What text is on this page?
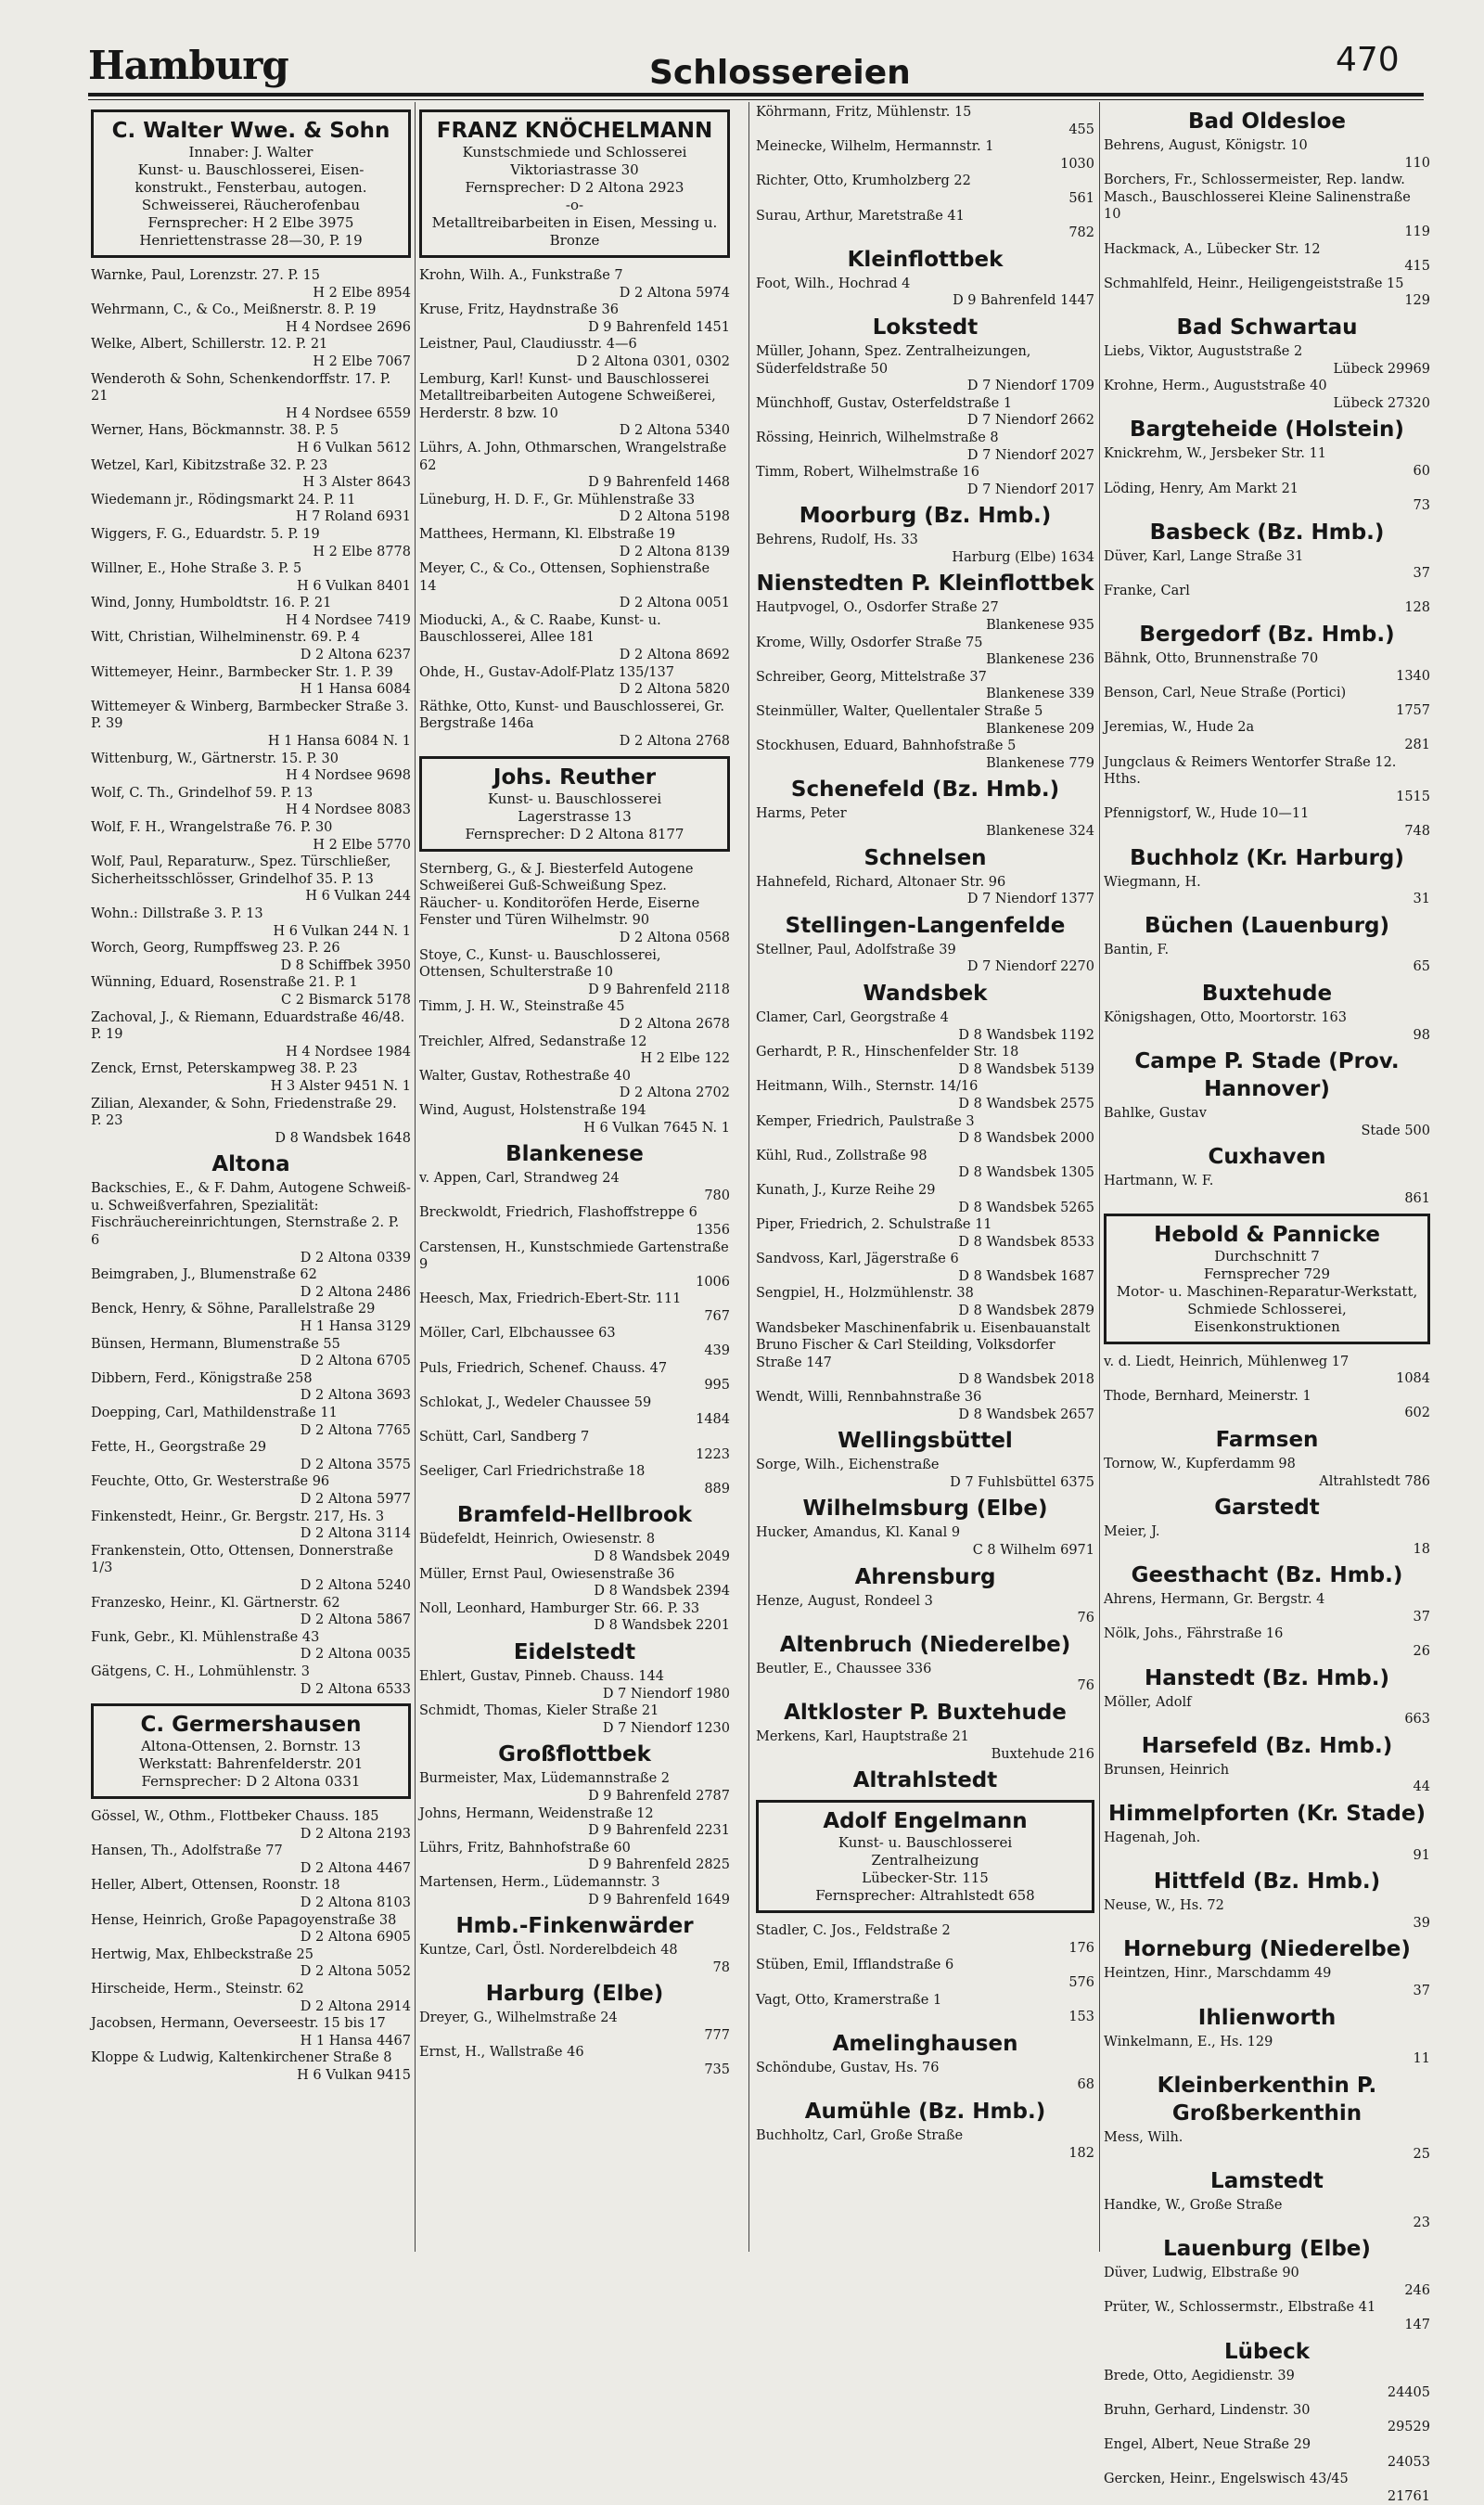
Hamburg	Schlossereien	470
C. Walter Wwe. & Sohn
Innaber: J. Walter
Kunst- u. Bauschlosserei, Eisen-
konstrukt., Fensterbau, autogen.
Schweisserei, Räucherofenbau
Fernsprecher: H 2 Elbe 3975
Henriettenstrasse 28—30, P. 19
Warnke, Paul, Lorenzstr. 27. P. 15
H 2 Elbe 8954
Wehrmann, C., & Co., Meißnerstr. 8. P. 19
H 4 Nordsee 2696
Welke, Albert, Schillerstr. 12. P. 21
H 2 Elbe 7067
Wenderoth & Sohn, Schenkendorffstr. 17. P. 21
H 4 Nordsee 6559
Werner, Hans, Böckmannstr. 38. P. 5
H 6 Vulkan 5612
Wetzel, Karl, Kibitzstraße 32. P. 23
H 3 Alster 8643
Wiedemann jr., Rödingsmarkt 24. P. 11
H 7 Roland 6931
Wiggers, F. G., Eduardstr. 5. P. 19
H 2 Elbe 8778
Willner, E., Hohe Straße 3. P. 5
H 6 Vulkan 8401
Wind, Jonny, Humboldtstr. 16. P. 21
H 4 Nordsee 7419
Witt, Christian, Wilhelminenstr. 69. P. 4
D 2 Altona 6237
Wittemeyer, Heinr., Barmbecker Str. 1. P. 39
H 1 Hansa 6084
Wittemeyer & Winberg, Barmbecker Straße 3. P. 39
H 1 Hansa 6084 N. 1
Wittenburg, W., Gärtnerstr. 15. P. 30
H 4 Nordsee 9698
Wolf, C. Th., Grindelhof 59. P. 13
H 4 Nordsee 8083
Wolf, F. H., Wrangelstraße 76. P. 30
H 2 Elbe 5770
Wolf, Paul, Reparaturw., Spez. Türschließer, Sicherheitsschlösser, Grindelhof 35. P. 13
H 6 Vulkan 244
Wohn.: Dillstraße 3. P. 13
H 6 Vulkan 244 N. 1
Worch, Georg, Rumpffsweg 23. P. 26
D 8 Schiffbek 3950
Wünning, Eduard, Rosenstraße 21. P. 1
C 2 Bismarck 5178
Zachoval, J., & Riemann, Eduardstraße 46/48. P. 19
H 4 Nordsee 1984
Zenck, Ernst, Peterskampweg 38. P. 23
H 3 Alster 9451 N. 1
Zilian, Alexander, & Sohn, Friedenstraße 29. P. 23
D 8 Wandsbek 1648
Altona
Backschies, E., & F. Dahm, Autogene Schweiß- u. Schweißverfahren, Spezialität: Fischräuchereinrichtungen, Sternstraße 2. P. 6
D 2 Altona 0339
Beimgraben, J., Blumenstraße 62
D 2 Altona 2486
Benck, Henry, & Söhne, Parallelstraße 29
H 1 Hansa 3129
Bünsen, Hermann, Blumenstraße 55
D 2 Altona 6705
Dibbern, Ferd., Königstraße 258
D 2 Altona 3693
Doepping, Carl, Mathildenstraße 11
D 2 Altona 7765
Fette, H., Georgstraße 29
D 2 Altona 3575
Feuchte, Otto, Gr. Westerstraße 96
D 2 Altona 5977
Finkenstedt, Heinr., Gr. Bergstr. 217, Hs. 3
D 2 Altona 3114
Frankenstein, Otto, Ottensen, Donnerstraße 1/3
D 2 Altona 5240
Franzesko, Heinr., Kl. Gärtnerstr. 62
D 2 Altona 5867
Funk, Gebr., Kl. Mühlenstraße 43
D 2 Altona 0035
Gätgens, C. H., Lohmühlenstr. 3
D 2 Altona 6533
C. Germershausen
Altona-Ottensen, 2. Bornstr. 13
Werkstatt: Bahrenfelderstr. 201
Fernsprecher: D 2 Altona 0331
Gössel, W., Othm., Flottbeker Chauss. 185
D 2 Altona 2193
Hansen, Th., Adolfstraße 77
D 2 Altona 4467
Heller, Albert, Ottensen, Roonstr. 18
D 2 Altona 8103
Hense, Heinrich, Große Papagoyenstraße 38
D 2 Altona 6905
Hertwig, Max, Ehlbeckstraße 25
D 2 Altona 5052
Hirscheide, Herm., Steinstr. 62
D 2 Altona 2914
Jacobsen, Hermann, Oeverseestr. 15 bis 17
H 1 Hansa 4467
Kloppe & Ludwig, Kaltenkirchener Straße 8
H 6 Vulkan 9415
FRANZ KNÖCHELMANN
Kunstschmiede und Schlosserei
Viktoriastrasse 30
Fernsprecher: D 2 Altona 2923
-o-
Metalltreibarbeiten in Eisen, Messing u. Bronze
Krohn, Wilh. A., Funkstraße 7
D 2 Altona 5974
Kruse, Fritz, Haydnstraße 36
D 9 Bahrenfeld 1451
Leistner, Paul, Claudiusstr. 4—6
D 2 Altona 0301, 0302
Lemburg, Karl! Kunst- und Bauschlosserei Metalltreibarbeiten Autogene Schweißerei, Herderstr. 8 bzw. 10
D 2 Altona 5340
Lührs, A. John, Othmarschen, Wrangelstraße 62
D 9 Bahrenfeld 1468
Lüneburg, H. D. F., Gr. Mühlenstraße 33
D 2 Altona 5198
Matthees, Hermann, Kl. Elbstraße 19
D 2 Altona 8139
Meyer, C., & Co., Ottensen, Sophienstraße 14
D 2 Altona 0051
Mioducki, A., & C. Raabe, Kunst- u. Bauschlosserei, Allee 181
D 2 Altona 8692
Ohde, H., Gustav-Adolf-Platz 135/137
D 2 Altona 5820
Räthke, Otto, Kunst- und Bauschlosserei, Gr. Bergstraße 146a
D 2 Altona 2768
Johs. Reuther
Kunst- u. Bauschlosserei
Lagerstrasse 13
Fernsprecher: D 2 Altona 8177
Sternberg, G., & J. Biesterfeld Autogene Schweißerei Guß-Schweißung Spez. Räucher- u. Konditoröfen Herde, Eiserne Fenster und Türen Wilhelmstr. 90
D 2 Altona 0568
Stoye, C., Kunst- u. Bauschlosserei, Ottensen, Schulterstraße 10
D 9 Bahrenfeld 2118
Timm, J. H. W., Steinstraße 45
D 2 Altona 2678
Treichler, Alfred, Sedanstraße 12
H 2 Elbe 122
Walter, Gustav, Rothestraße 40
D 2 Altona 2702
Wind, August, Holstenstraße 194
H 6 Vulkan 7645 N. 1
Blankenese
v. Appen, Carl, Strandweg 24
780
Breckwoldt, Friedrich, Flashoffstreppe 6
1356
Carstensen, H., Kunstschmiede Gartenstraße 9
1006
Heesch, Max, Friedrich-Ebert-Str. 111
767
Möller, Carl, Elbchaussee 63
439
Puls, Friedrich, Schenef. Chauss. 47
995
Schlokat, J., Wedeler Chaussee 59
1484
Schütt, Carl, Sandberg 7
1223
Seeliger, Carl Friedrichstraße 18
889
Bramfeld-Hellbrook
Büdefeldt, Heinrich, Owiesenstr. 8
D 8 Wandsbek 2049
Müller, Ernst Paul, Owiesenstraße 36
D 8 Wandsbek 2394
Noll, Leonhard, Hamburger Str. 66. P. 33
D 8 Wandsbek 2201
Eidelstedt
Ehlert, Gustav, Pinneb. Chauss. 144
D 7 Niendorf 1980
Schmidt, Thomas, Kieler Straße 21
D 7 Niendorf 1230
Großflottbek
Burmeister, Max, Lüdemannstraße 2
D 9 Bahrenfeld 2787
Johns, Hermann, Weidenstraße 12
D 9 Bahrenfeld 2231
Lührs, Fritz, Bahnhofstraße 60
D 9 Bahrenfeld 2825
Martensen, Herm., Lüdemannstr. 3
D 9 Bahrenfeld 1649
Hmb.-Finkenwärder
Kuntze, Carl, Östl. Norderelbdeich 48
78
Harburg (Elbe)
Dreyer, G., Wilhelmstraße 24
777
Ernst, H., Wallstraße 46
735
Köhrmann, Fritz, Mühlenstr. 15
455
Meinecke, Wilhelm, Hermannstr. 1
1030
Richter, Otto, Krumholzberg 22
561
Surau, Arthur, Maretstraße 41
782
Kleinflottbek
Foot, Wilh., Hochrad 4
D 9 Bahrenfeld 1447
Lokstedt
Müller, Johann, Spez. Zentralheizungen, Süderfeldstraße 50
D 7 Niendorf 1709
Münchhoff, Gustav, Osterfeldstraße 1
D 7 Niendorf 2662
Rössing, Heinrich, Wilhelmstraße 8
D 7 Niendorf 2027
Timm, Robert, Wilhelmstraße 16
D 7 Niendorf 2017
Moorburg (Bz. Hmb.)
Behrens, Rudolf, Hs. 33
Harburg (Elbe) 1634
Nienstedten P. Kleinflottbek
Hautpvogel, O., Osdorfer Straße 27
Blankenese 935
Krome, Willy, Osdorfer Straße 75
Blankenese 236
Schreiber, Georg, Mittelstraße 37
Blankenese 339
Steinmüller, Walter, Quellentaler Straße 5
Blankenese 209
Stockhusen, Eduard, Bahnhofstraße 5
Blankenese 779
Schenefeld (Bz. Hmb.)
Harms, Peter
Blankenese 324
Schnelsen
Hahnefeld, Richard, Altonaer Str. 96
D 7 Niendorf 1377
Stellingen-Langenfelde
Stellner, Paul, Adolfstraße 39
D 7 Niendorf 2270
Wandsbek
Clamer, Carl, Georgstraße 4
D 8 Wandsbek 1192
Gerhardt, P. R., Hinschenfelder Str. 18
D 8 Wandsbek 5139
Heitmann, Wilh., Sternstr. 14/16
D 8 Wandsbek 2575
Kemper, Friedrich, Paulstraße 3
D 8 Wandsbek 2000
Kühl, Rud., Zollstraße 98
D 8 Wandsbek 1305
Kunath, J., Kurze Reihe 29
D 8 Wandsbek 5265
Piper, Friedrich, 2. Schulstraße 11
D 8 Wandsbek 8533
Sandvoss, Karl, Jägerstraße 6
D 8 Wandsbek 1687
Sengpiel, H., Holzmühlenstr. 38
D 8 Wandsbek 2879
Wandsbeker Maschinenfabrik u. Eisenbauanstalt Bruno Fischer & Carl Steilding, Volksdorfer Straße 147
D 8 Wandsbek 2018
Wendt, Willi, Rennbahnstraße 36
D 8 Wandsbek 2657
Wellingsbüttel
Sorge, Wilh., Eichenstraße
D 7 Fuhlsbüttel 6375
Wilhelmsburg (Elbe)
Hucker, Amandus, Kl. Kanal 9
C 8 Wilhelm 6971
Ahrensburg
Henze, August, Rondeel 3
76
Altenbruch (Niederelbe)
Beutler, E., Chaussee 336
76
Altkloster P. Buxtehude
Merkens, Karl, Hauptstraße 21
Buxtehude 216
Altrahlstedt
Adolf Engelmann
Kunst- u. Bauschlosserei
Zentralheizung
Lübecker-Str. 115
Fernsprecher: Altrahlstedt 658
Stadler, C. Jos., Feldstraße 2
176
Stüben, Emil, Ifflandstraße 6
576
Vagt, Otto, Kramerstraße 1
153
Amelinghausen
Schöndube, Gustav, Hs. 76
68
Aumühle (Bz. Hmb.)
Buchholtz, Carl, Große Straße
182
Bad Oldesloe
Behrens, August, Königstr. 10
110
Borchers, Fr., Schlossermeister, Rep. landw. Masch., Bauschlosserei Kleine Salinenstraße 10
119
Hackmack, A., Lübecker Str. 12
415
Schmahlfeld, Heinr., Heiligengeiststraße 15
129
Bad Schwartau
Liebs, Viktor, Auguststraße 2
Lübeck 29969
Krohne, Herm., Auguststraße 40
Lübeck 27320
Bargteheide (Holstein)
Knickrehm, W., Jersbeker Str. 11
60
Löding, Henry, Am Markt 21
73
Basbeck (Bz. Hmb.)
Düver, Karl, Lange Straße 31
37
Franke, Carl
128
Bergedorf (Bz. Hmb.)
Bähnk, Otto, Brunnenstraße 70
1340
Benson, Carl, Neue Straße (Portici)
1757
Jeremias, W., Hude 2a
281
Jungclaus & Reimers Wentorfer Straße 12. Hths.
1515
Pfennigstorf, W., Hude 10—11
748
Buchholz (Kr. Harburg)
Wiegmann, H.
31
Büchen (Lauenburg)
Bantin, F.
65
Buxtehude
Königshagen, Otto, Moortorstr. 163
98
Campe P. Stade (Prov. Hannover)
Bahlke, Gustav
Stade 500
Cuxhaven
Hartmann, W. F.
861
Hebold & Pannicke
Durchschnitt 7
Fernsprecher 729
Motor- u. Maschinen-Reparatur-Werkstatt, Schmiede Schlosserei, Eisenkonstruktionen
v. d. Liedt, Heinrich, Mühlenweg 17
1084
Thode, Bernhard, Meinerstr. 1
602
Farmsen
Tornow, W., Kupferdamm 98
Altrahlstedt 786
Garstedt
Meier, J.
18
Geesthacht (Bz. Hmb.)
Ahrens, Hermann, Gr. Bergstr. 4
37
Nölk, Johs., Fährstraße 16
26
Hanstedt (Bz. Hmb.)
Möller, Adolf
663
Harsefeld (Bz. Hmb.)
Brunsen, Heinrich
44
Himmelpforten (Kr. Stade)
Hagenah, Joh.
91
Hittfeld (Bz. Hmb.)
Neuse, W., Hs. 72
39
Horneburg (Niederelbe)
Heintzen, Hinr., Marschdamm 49
37
Ihlienworth
Winkelmann, E., Hs. 129
11
Kleinberkenthin P. Großberkenthin
Mess, Wilh.
25
Lamstedt
Handke, W., Große Straße
23
Lauenburg (Elbe)
Düver, Ludwig, Elbstraße 90
246
Prüter, W., Schlossermstr., Elbstraße 41
147
Lübeck
Brede, Otto, Aegidienstr. 39
24405
Bruhn, Gerhard, Lindenstr. 30
29529
Engel, Albert, Neue Straße 29
24053
Gercken, Heinr., Engelswisch 43/45
21761
